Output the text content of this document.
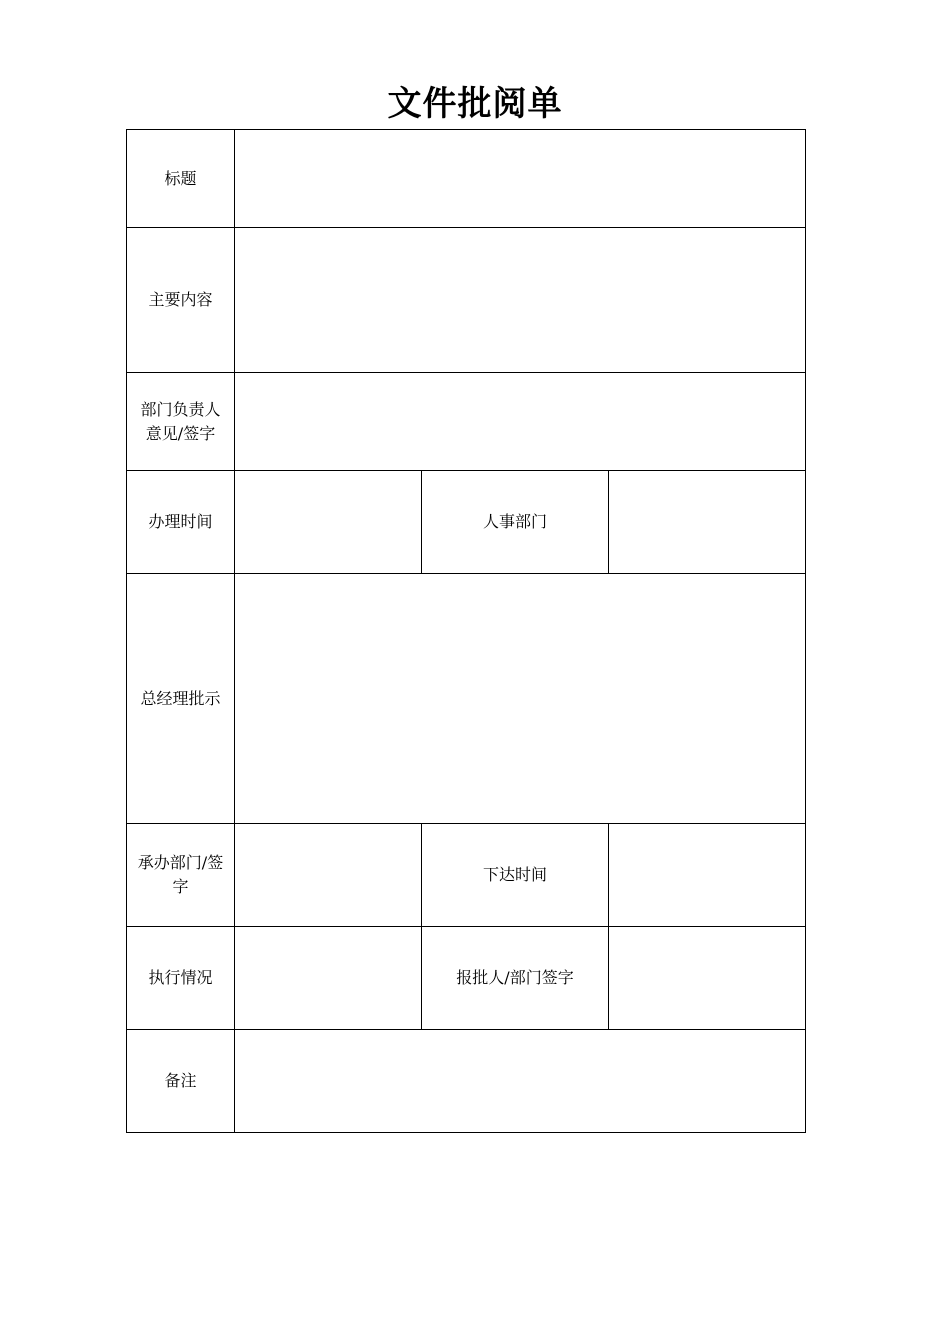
文件批阅单
标题			
主要内容			
部门负责人意见/签字			
办理时间		人事部门	
总经理批示			
承办部门/签字		下达时间	
执行情况		报批人/部门签字	
备注			
